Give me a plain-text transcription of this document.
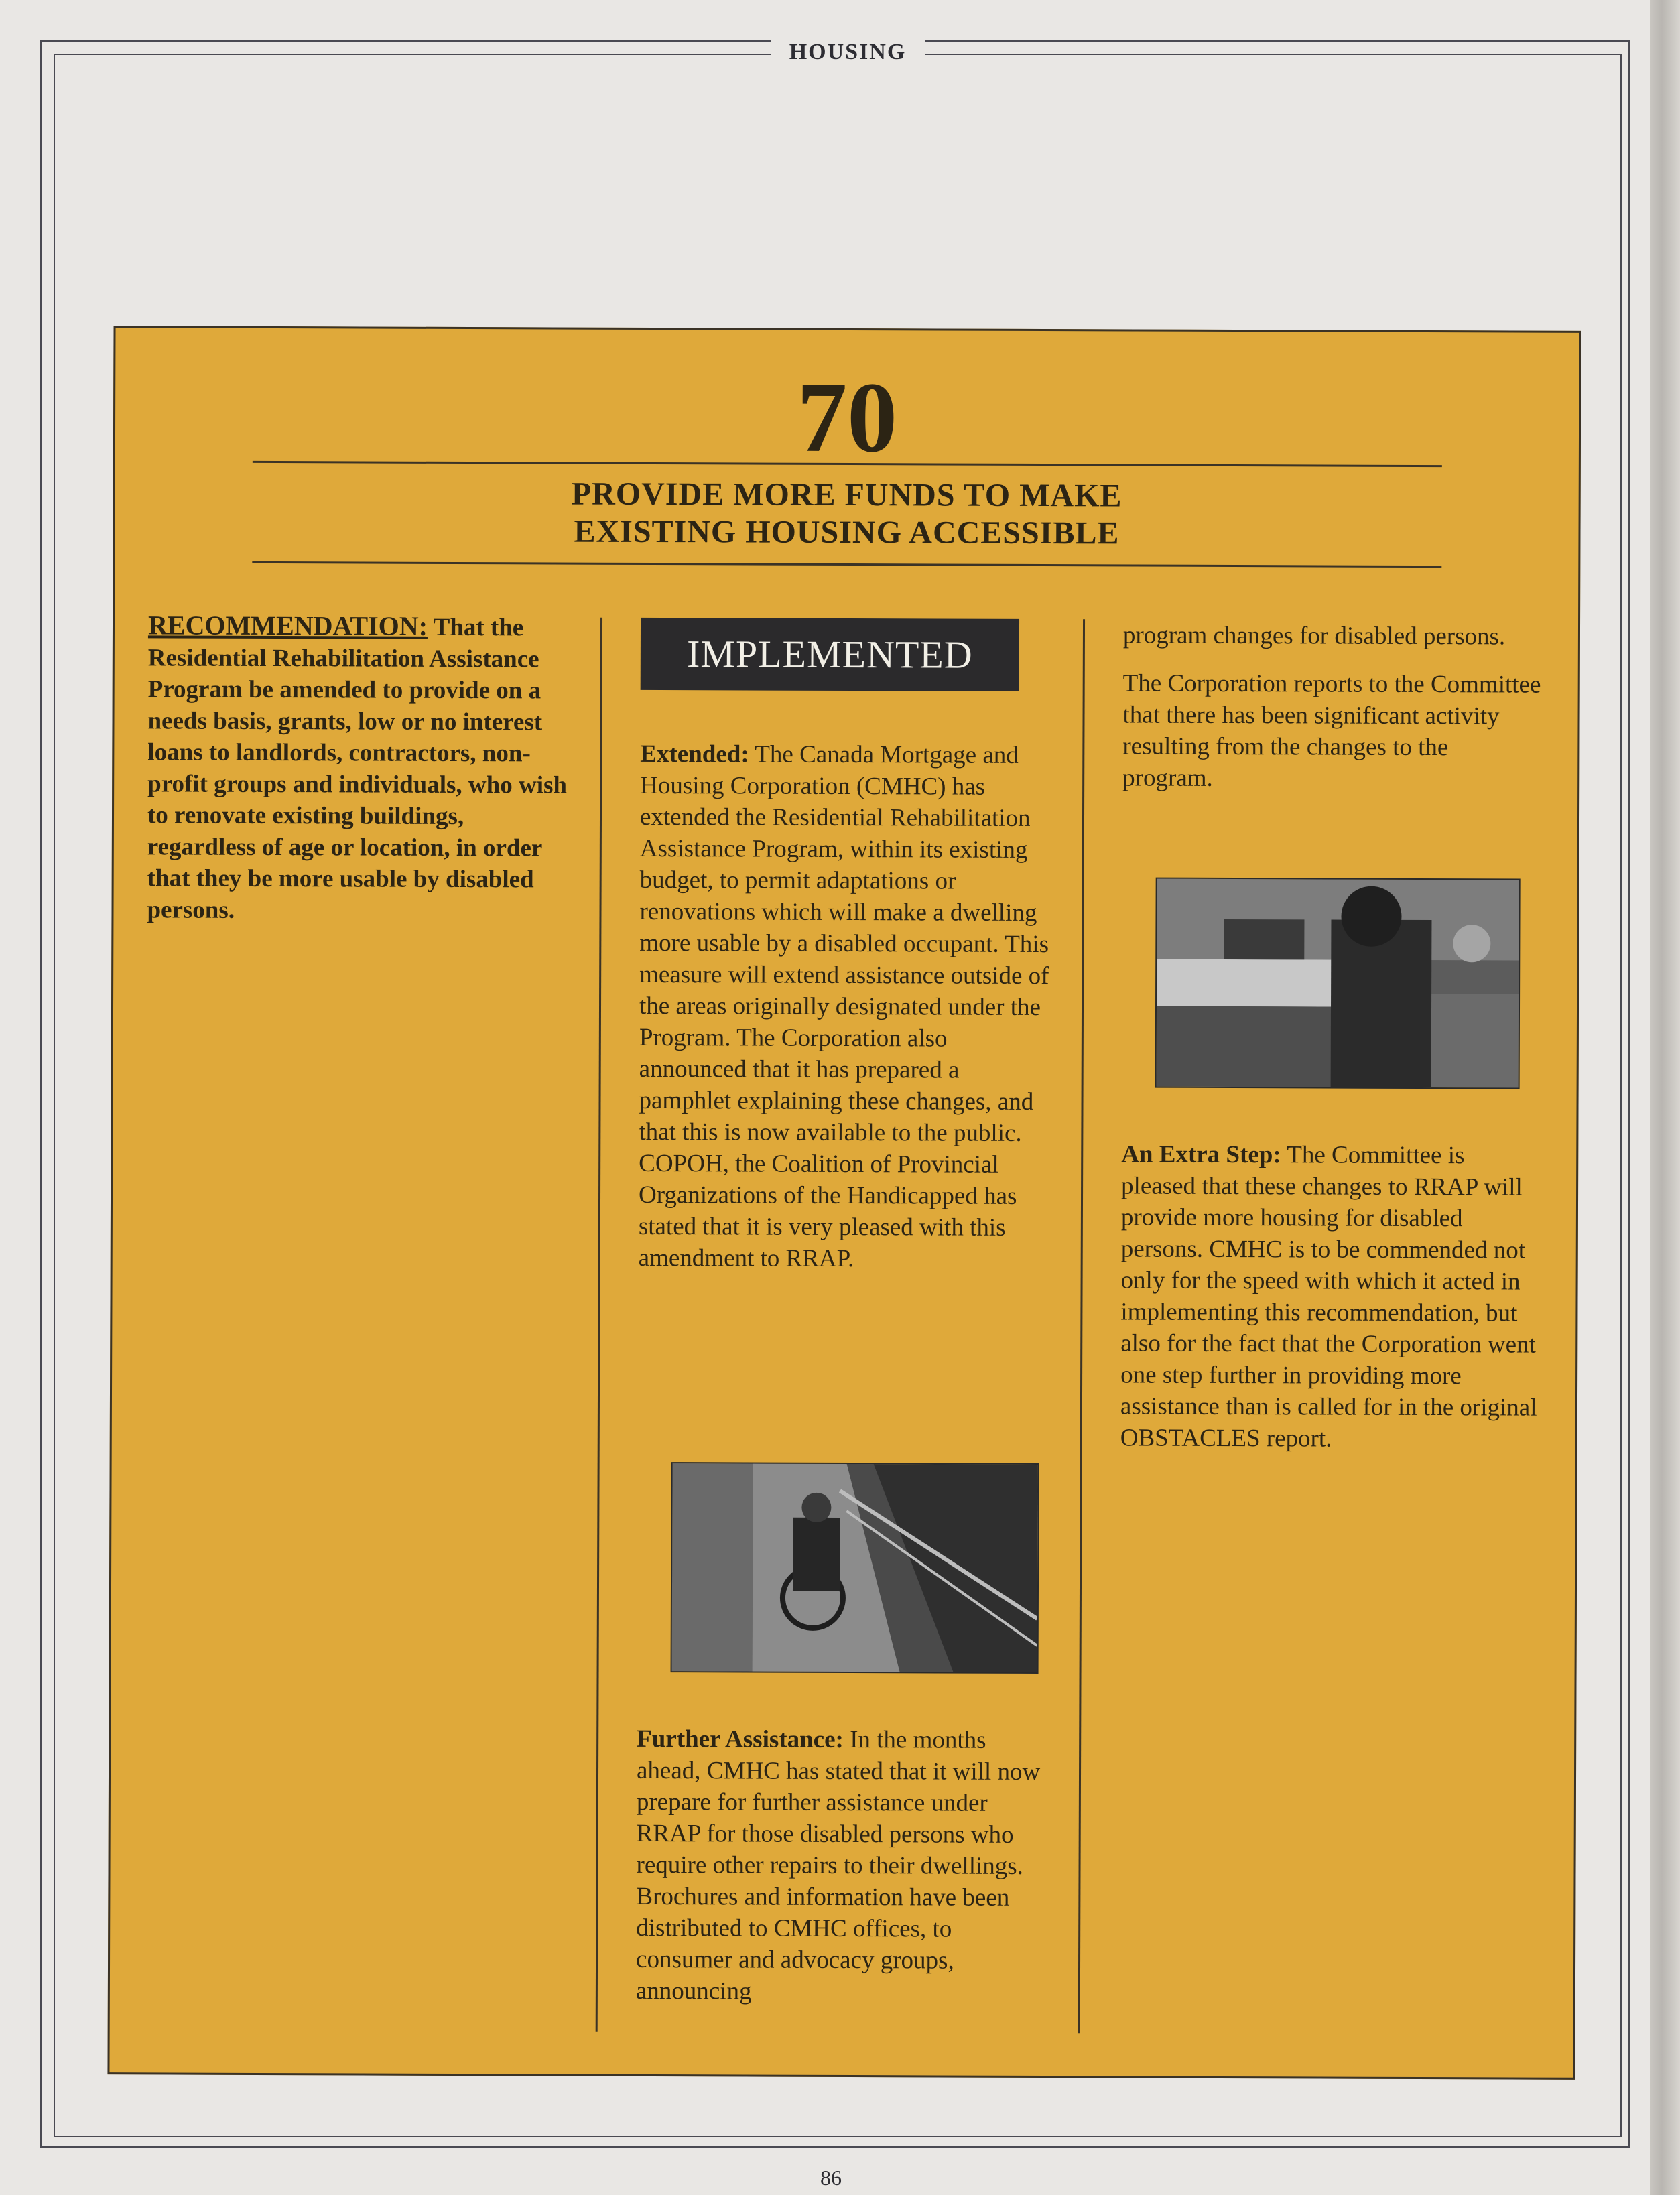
HOUSING
86
70
PROVIDE MORE FUNDS TO MAKE
EXISTING HOUSING ACCESSIBLE
RECOMMENDATION: That the Residential Rehabilitation Assistance Program be amended to provide on a needs basis, grants, low or no interest loans to landlords, contractors, non-profit groups and individuals, who wish to renovate existing buildings, regardless of age or location, in order that they be more usable by disabled persons.
IMPLEMENTED

Extended: The Canada Mortgage and Housing Corporation (CMHC) has extended the Residential Rehabilitation Assistance Program, within its existing budget, to permit adaptations or renovations which will make a dwelling more usable by a disabled occupant. This measure will extend assistance outside of the areas originally designated under the Program. The Corporation also announced that it has prepared a pamphlet explaining these changes, and that this is now available to the public. COPOH, the Coalition of Provincial Organizations of the Handicapped has stated that it is very pleased with this amendment to RRAP.

Further Assistance: In the months ahead, CMHC has stated that it will now prepare for further assistance under RRAP for those disabled persons who require other repairs to their dwellings. Brochures and information have been distributed to CMHC offices, to consumer and advocacy groups, announcing

program changes for disabled persons.

The Corporation reports to the Committee that there has been significant activity resulting from the changes to the program.

An Extra Step: The Committee is pleased that these changes to RRAP will provide more housing for disabled persons. CMHC is to be commended not only for the speed with which it acted in implementing this recommendation, but also for the fact that the Corporation went one step further in providing more assistance than is called for in the original OBSTACLES report.
